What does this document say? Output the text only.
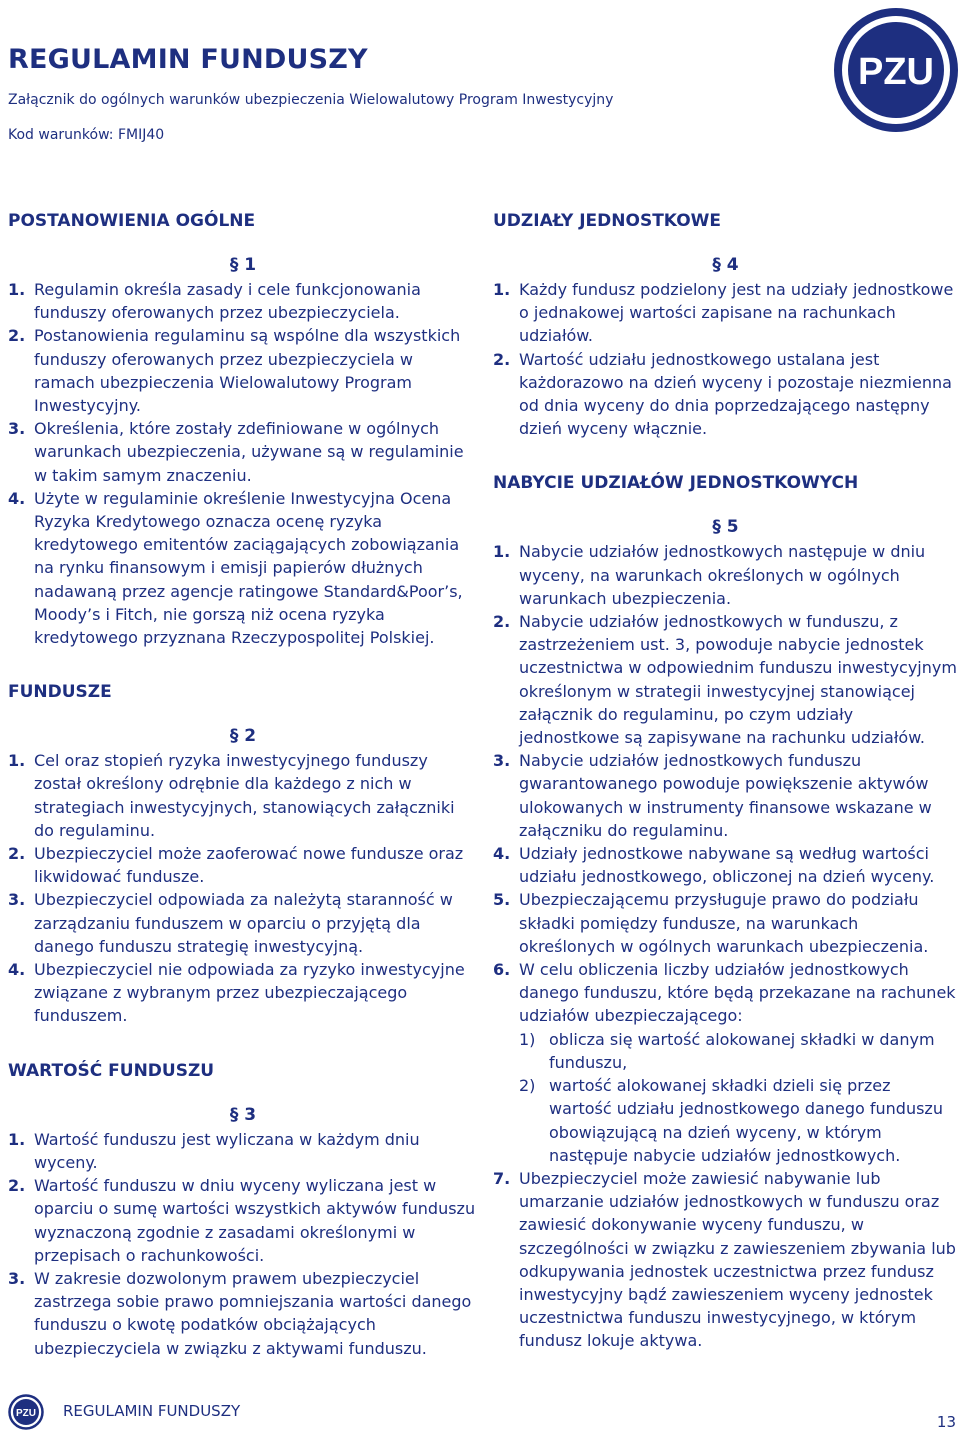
REGULAMIN FUNDUSZY
Załącznik do ogólnych warunków ubezpieczenia Wielowalutowy Program Inwestycyjny
Kod warunków: FMIJ40
PZU
POSTANOWIENIA OGÓLNE
§ 1
1. Regulamin określa zasady i cele funkcjonowania funduszy oferowanych przez ubezpieczyciela.
2. Postanowienia regulaminu są wspólne dla wszystkich funduszy oferowanych przez ubezpieczyciela w ramach ubezpieczenia Wielowalutowy Program Inwestycyjny.
3. Określenia, które zostały zdefiniowane w ogólnych warunkach ubezpieczenia, używane są w regulaminie w takim samym znaczeniu.
4. Użyte w regulaminie określenie Inwestycyjna Ocena Ryzyka Kredytowego oznacza ocenę ryzyka kredytowego emitentów zaciągających zobowiązania na rynku finansowym i emisji papierów dłużnych nadawaną przez agencje ratingowe Standard&Poor’s, Moody’s i Fitch, nie gorszą niż ocena ryzyka kredytowego przyznana Rzeczypospolitej Polskiej.
FUNDUSZE
§ 2
1. Cel oraz stopień ryzyka inwestycyjnego funduszy został określony odrębnie dla każdego z nich w strategiach inwestycyjnych, stanowiących załączniki do regulaminu.
2. Ubezpieczyciel może zaoferować nowe fundusze oraz likwidować fundusze.
3. Ubezpieczyciel odpowiada za należytą staranność w zarządzaniu funduszem w oparciu o przyjętą dla danego funduszu strategię inwestycyjną.
4. Ubezpieczyciel nie odpowiada za ryzyko inwestycyjne związane z wybranym przez ubezpieczającego funduszem.
WARTOŚĆ FUNDUSZU
§ 3
1. Wartość funduszu jest wyliczana w każdym dniu wyceny.
2. Wartość funduszu w dniu wyceny wyliczana jest w oparciu o sumę wartości wszystkich aktywów funduszu wyznaczoną zgodnie z zasadami określonymi w przepisach o rachunkowości.
3. W zakresie dozwolonym prawem ubezpieczyciel zastrzega sobie prawo pomniejszania wartości danego funduszu o kwotę podatków obciążających ubezpieczyciela w związku z aktywami funduszu.
UDZIAŁY JEDNOSTKOWE
§ 4
1. Każdy fundusz podzielony jest na udziały jednostkowe o jednakowej wartości zapisane na rachunkach udziałów.
2. Wartość udziału jednostkowego ustalana jest każdorazowo na dzień wyceny i pozostaje niezmienna od dnia wyceny do dnia poprzedzającego następny dzień wyceny włącznie.
NABYCIE UDZIAŁÓW JEDNOSTKOWYCH
§ 5
1. Nabycie udziałów jednostkowych następuje w dniu wyceny, na warunkach określonych w ogólnych warunkach ubezpieczenia.
2. Nabycie udziałów jednostkowych w funduszu, z zastrzeżeniem ust. 3, powoduje nabycie jednostek uczestnictwa w odpowiednim funduszu inwestycyjnym określonym w strategii inwestycyjnej stanowiącej załącznik do regulaminu, po czym udziały jednostkowe są zapisywane na rachunku udziałów.
3. Nabycie udziałów jednostkowych funduszu gwarantowanego powoduje powiększenie aktywów ulokowanych w instrumenty finansowe wskazane w załączniku do regulaminu.
4. Udziały jednostkowe nabywane są według wartości udziału jednostkowego, obliczonej na dzień wyceny.
5. Ubezpieczającemu przysługuje prawo do podziału składki pomiędzy fundusze, na warunkach określonych w ogólnych warunkach ubezpieczenia.
6. W celu obliczenia liczby udziałów jednostkowych danego funduszu, które będą przekazane na rachunek udziałów ubezpieczającego:
1) oblicza się wartość alokowanej składki w danym funduszu,
2) wartość alokowanej składki dzieli się przez wartość udziału jednostkowego danego funduszu obowiązującą na dzień wyceny, w którym następuje nabycie udziałów jednostkowych.
7. Ubezpieczyciel może zawiesić nabywanie lub umarzanie udziałów jednostkowych w funduszu oraz zawiesić dokonywanie wyceny funduszu, w szczególności w związku z zawieszeniem zbywania lub odkupywania jednostek uczestnictwa przez fundusz inwestycyjny bądź zawieszeniem wyceny jednostek uczestnictwa funduszu inwestycyjnego, w którym fundusz lokuje aktywa.
PZU REGULAMIN FUNDUSZY
13
